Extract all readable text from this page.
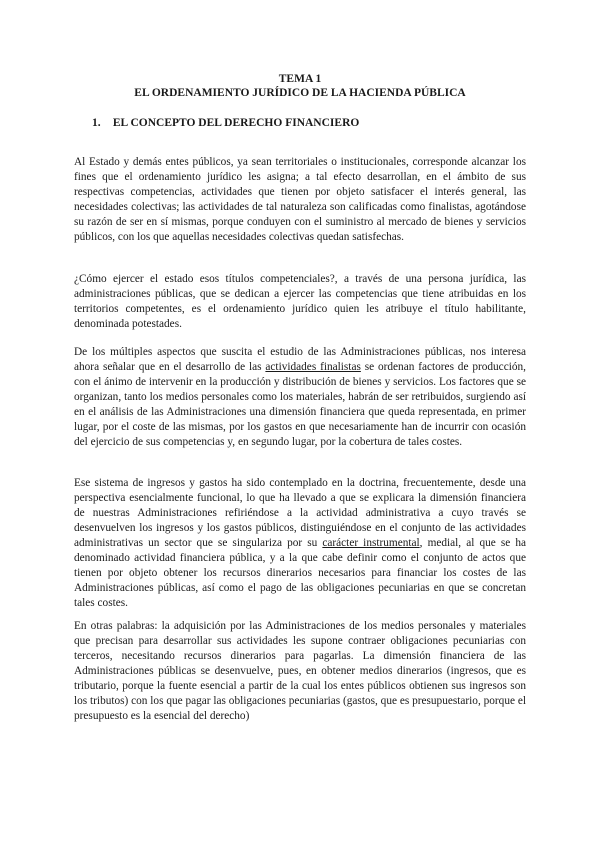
TEMA 1
EL ORDENAMIENTO JURÍDICO DE LA HACIENDA PÚBLICA
1. EL CONCEPTO DEL DERECHO FINANCIERO

Al Estado y demás entes públicos, ya sean territoriales o institucionales, corresponde alcanzar los fines que el ordenamiento jurídico les asigna; a tal efecto desarrollan, en el ámbito de sus respectivas competencias, actividades que tienen por objeto satisfacer el interés general, las necesidades colectivas; las actividades de tal naturaleza son calificadas como finalistas, agotándose su razón de ser en sí mismas, porque conduyen con el suministro al mercado de bienes y servicios públicos, con los que aquellas necesidades colectivas quedan satisfechas.

¿Cómo ejercer el estado esos títulos competenciales?, a través de una persona jurídica, las administraciones públicas, que se dedican a ejercer las competencias que tiene atribuidas en los territorios competentes, es el ordenamiento jurídico quien les atribuye el título habilitante, denominada potestades.

De los múltiples aspectos que suscita el estudio de las Administraciones públicas, nos interesa ahora señalar que en el desarrollo de las actividades finalistas se ordenan factores de producción, con el ánimo de intervenir en la producción y distribución de bienes y servicios. Los factores que se organizan, tanto los medios personales como los materiales, habrán de ser retribuidos, surgiendo así en el análisis de las Administraciones una dimensión financiera que queda representada, en primer lugar, por el coste de las mismas, por los gastos en que necesariamente han de incurrir con ocasión del ejercicio de sus competencias y, en segundo lugar, por la cobertura de tales costes.

Ese sistema de ingresos y gastos ha sido contemplado en la doctrina, frecuentemente, desde una perspectiva esencialmente funcional, lo que ha llevado a que se explicara la dimensión financiera de nuestras Administraciones refiriéndose a la actividad administrativa a cuyo través se desenvuelven los ingresos y los gastos públicos, distinguiéndose en el conjunto de las actividades administrativas un sector que se singulariza por su carácter instrumental, medial, al que se ha denominado actividad financiera pública, y a la que cabe definir como el conjunto de actos que tienen por objeto obtener los recursos dinerarios necesarios para financiar los costes de las Administraciones públicas, así como el pago de las obligaciones pecuniarias en que se concretan tales costes.

En otras palabras: la adquisición por las Administraciones de los medios personales y materiales que precisan para desarrollar sus actividades les supone contraer obligaciones pecuniarias con terceros, necesitando recursos dinerarios para pagarlas. La dimensión financiera de las Administraciones públicas se desenvuelve, pues, en obtener medios dinerarios (ingresos, que es tributario, porque la fuente esencial a partir de la cual los entes públicos obtienen sus ingresos son los tributos) con los que pagar las obligaciones pecuniarias (gastos, que es presupuestario, porque el presupuesto es la esencial del derecho)
